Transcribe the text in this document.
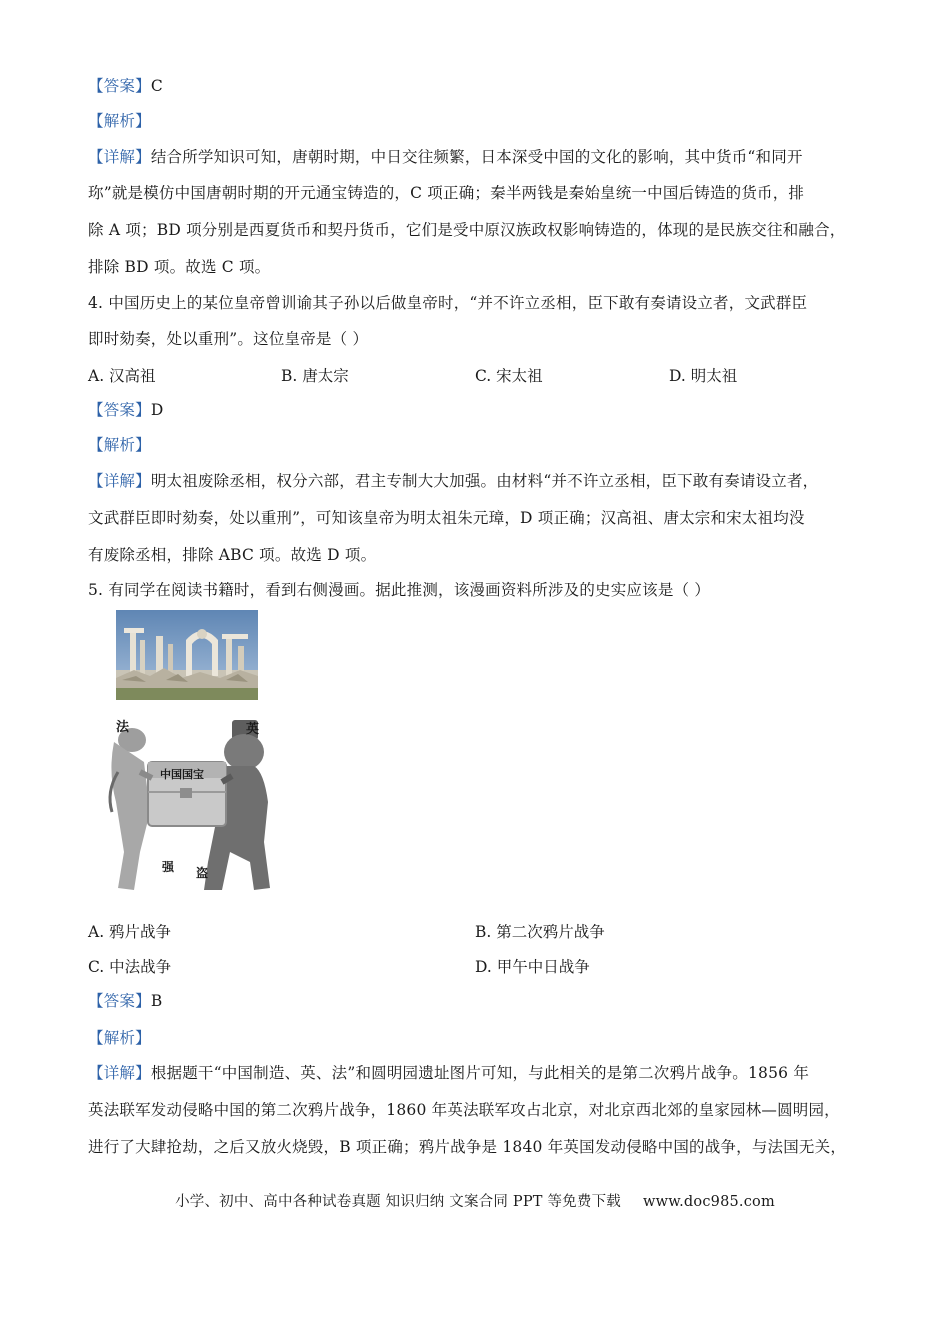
【答案】C
【解析】
【详解】结合所学知识可知，唐朝时期，中日交往频繁，日本深受中国的文化的影响，其中货币“和同开
珎”就是模仿中国唐朝时期的开元通宝铸造的，C 项正确；秦半两钱是秦始皇统一中国后铸造的货币，排
除 A 项；BD 项分别是西夏货币和契丹货币，它们是受中原汉族政权影响铸造的，体现的是民族交往和融合，
排除 BD 项。故选 C 项。
4. 中国历史上的某位皇帝曾训谕其子孙以后做皇帝时，“并不许立丞相，臣下敢有奏请设立者，文武群臣
即时劾奏，处以重刑”。这位皇帝是（ ）
A. 汉高祖	B. 唐太宗	C. 宋太祖	D. 明太祖
【答案】D
【解析】
【详解】明太祖废除丞相，权分六部，君主专制大大加强。由材料“并不许立丞相，臣下敢有奏请设立者，
文武群臣即时劾奏，处以重刑”，可知该皇帝为明太祖朱元璋，D 项正确；汉高祖、唐太宗和宋太祖均没
有废除丞相，排除 ABC 项。故选 D 项。
5. 有同学在阅读书籍时，看到右侧漫画。据此推测，该漫画资料所涉及的史实应该是（ ）
法	英
中国国宝
强 盗
A. 鸦片战争	B. 第二次鸦片战争
C. 中法战争	D. 甲午中日战争
【答案】B
【解析】
【详解】根据题干“中国制造、英、法”和圆明园遗址图片可知，与此相关的是第二次鸦片战争。1856 年
英法联军发动侵略中国的第二次鸦片战争，1860 年英法联军攻占北京，对北京西北郊的皇家园林—圆明园，
进行了大肆抢劫，之后又放火烧毁，B 项正确；鸦片战争是 1840 年英国发动侵略中国的战争，与法国无关，
小学、初中、高中各种试卷真题 知识归纳 文案合同 PPT 等免费下载 www.doc985.com
